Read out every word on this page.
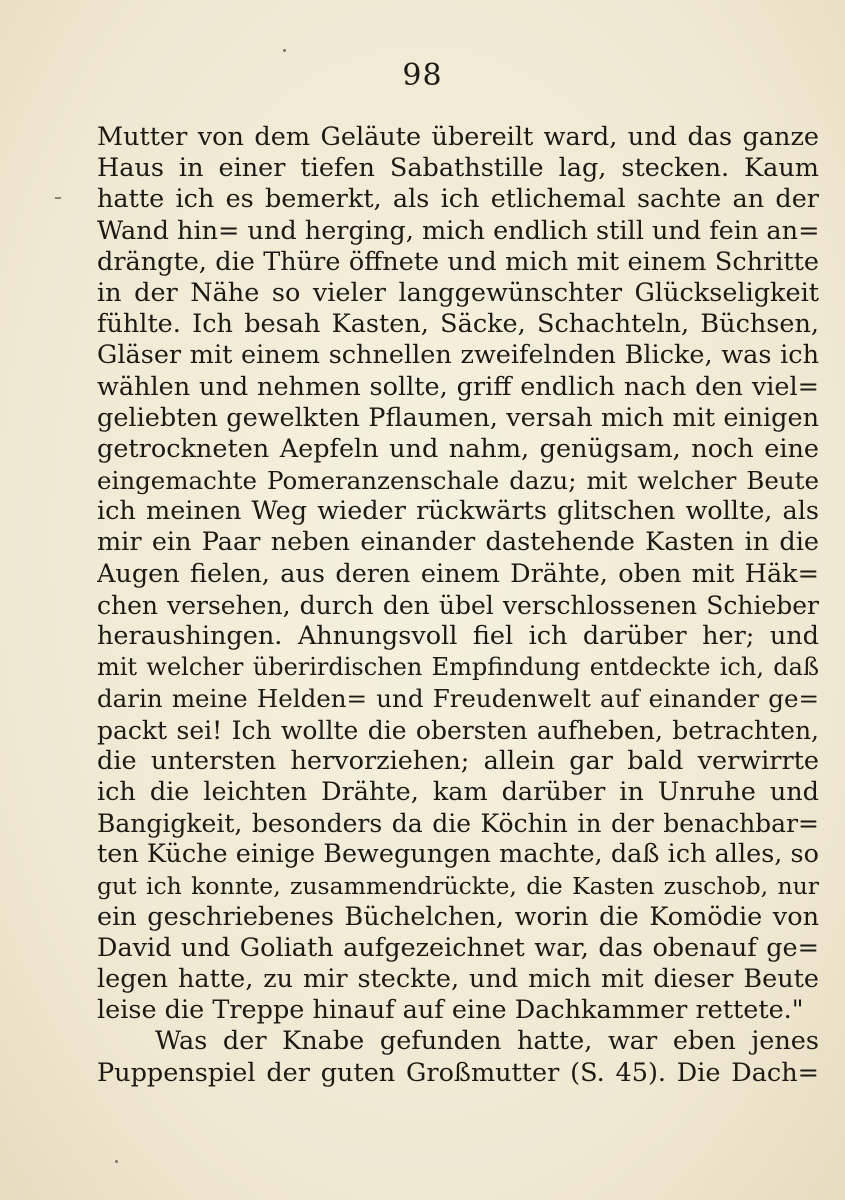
98
Mutter von dem Geläute übereilt ward, und das ganze
Haus in einer tiefen Sabathstille lag, stecken. Kaum
hatte ich es bemerkt, als ich etlichemal sachte an der
Wand hin= und herging, mich endlich still und fein an=
drängte, die Thüre öffnete und mich mit einem Schritte
in der Nähe so vieler langgewünschter Glückseligkeit
fühlte. Ich besah Kasten, Säcke, Schachteln, Büchsen,
Gläser mit einem schnellen zweifelnden Blicke, was ich
wählen und nehmen sollte, griff endlich nach den viel=
geliebten gewelkten Pflaumen, versah mich mit einigen
getrockneten Aepfeln und nahm, genügsam, noch eine
eingemachte Pomeranzenschale dazu; mit welcher Beute
ich meinen Weg wieder rückwärts glitschen wollte, als
mir ein Paar neben einander dastehende Kasten in die
Augen fielen, aus deren einem Drähte, oben mit Häk=
chen versehen, durch den übel verschlossenen Schieber
heraushingen. Ahnungsvoll fiel ich darüber her; und
mit welcher überirdischen Empfindung entdeckte ich, daß
darin meine Helden= und Freudenwelt auf einander ge=
packt sei! Ich wollte die obersten aufheben, betrachten,
die untersten hervorziehen; allein gar bald verwirrte
ich die leichten Drähte, kam darüber in Unruhe und
Bangigkeit, besonders da die Köchin in der benachbar=
ten Küche einige Bewegungen machte, daß ich alles, so
gut ich konnte, zusammendrückte, die Kasten zuschob, nur
ein geschriebenes Büchelchen, worin die Komödie von
David und Goliath aufgezeichnet war, das obenauf ge=
legen hatte, zu mir steckte, und mich mit dieser Beute
leise die Treppe hinauf auf eine Dachkammer rettete."
Was der Knabe gefunden hatte, war eben jenes
Puppenspiel der guten Großmutter (S. 45). Die Dach=
